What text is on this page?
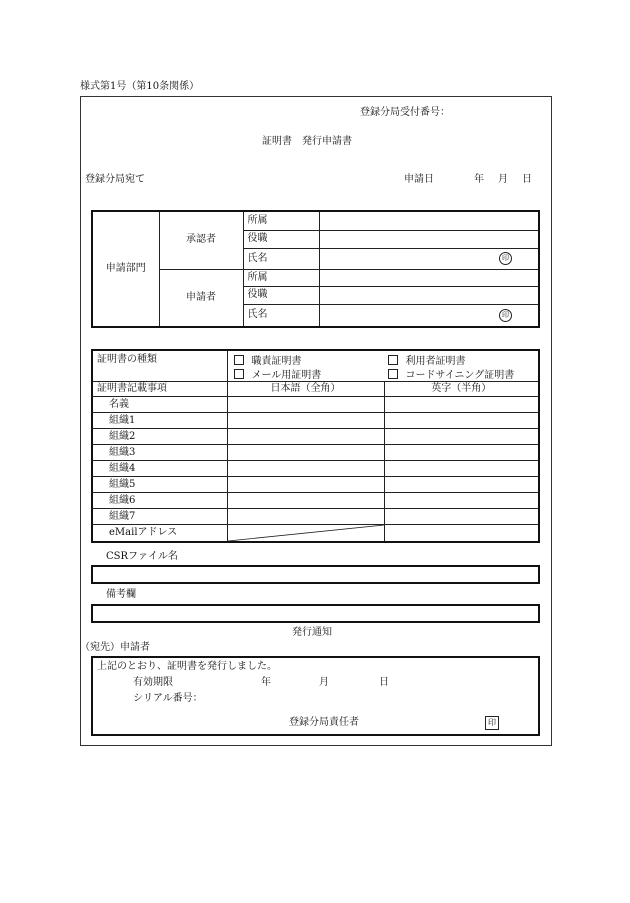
様式第1号（第10条関係）
登録分局受付番号：
証明書　発行申請書
登録分局宛て	申請日	年 月 日
申請部門	承認者	所属	
		役職	
		氏名	印
	申請者	所属	
		役職	
		氏名	印
証明書の種類	職責証明書 利用者証明書
メール用証明書 コードサイニング証明書	

証明書記載事項	日本語（全角）	英字（半角）
名義		
組織1		
組織2		
組織3		
組織4		
組織5		
組織6		
組織7		
eMailアドレス	

CSRファイル名
備考欄
発行通知
（宛先）申請者
上記のとおり、証明書を発行しました。
有効期限	年	月	日
シリアル番号：
登録分局責任者	印
